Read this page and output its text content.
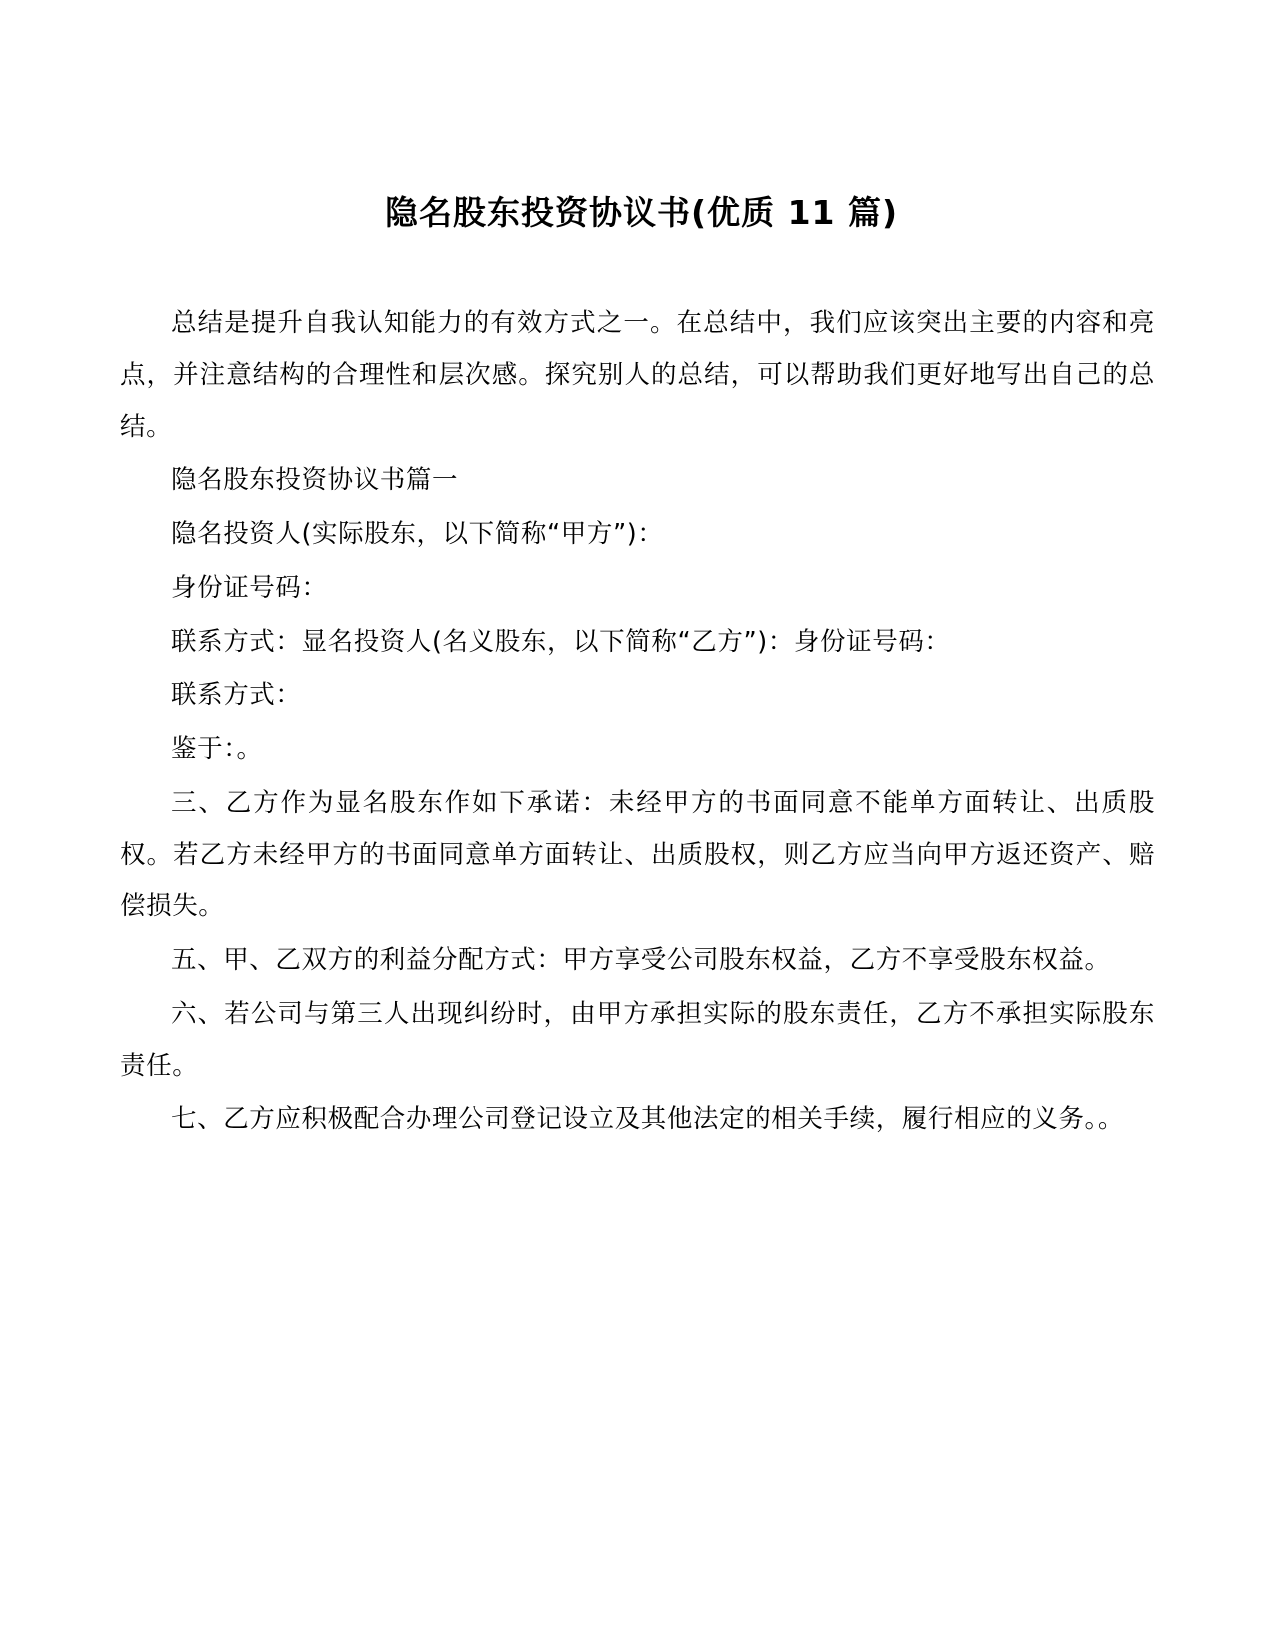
隐名股东投资协议书(优质 11 篇)

总结是提升自我认知能力的有效方式之一。在总结中，我们应该突出主要的内容和亮点，并注意结构的合理性和层次感。探究别人的总结，可以帮助我们更好地写出自己的总结。

隐名股东投资协议书篇一

隐名投资人(实际股东，以下简称“甲方”)：

身份证号码：

联系方式：显名投资人(名义股东，以下简称“乙方”)：身份证号码：

联系方式：

鉴于：。

三、乙方作为显名股东作如下承诺：未经甲方的书面同意不能单方面转让、出质股权。若乙方未经甲方的书面同意单方面转让、出质股权，则乙方应当向甲方返还资产、赔偿损失。

五、甲、乙双方的利益分配方式：甲方享受公司股东权益，乙方不享受股东权益。

六、若公司与第三人出现纠纷时，由甲方承担实际的股东责任，乙方不承担实际股东责任。

七、乙方应积极配合办理公司登记设立及其他法定的相关手续，履行相应的义务。。
